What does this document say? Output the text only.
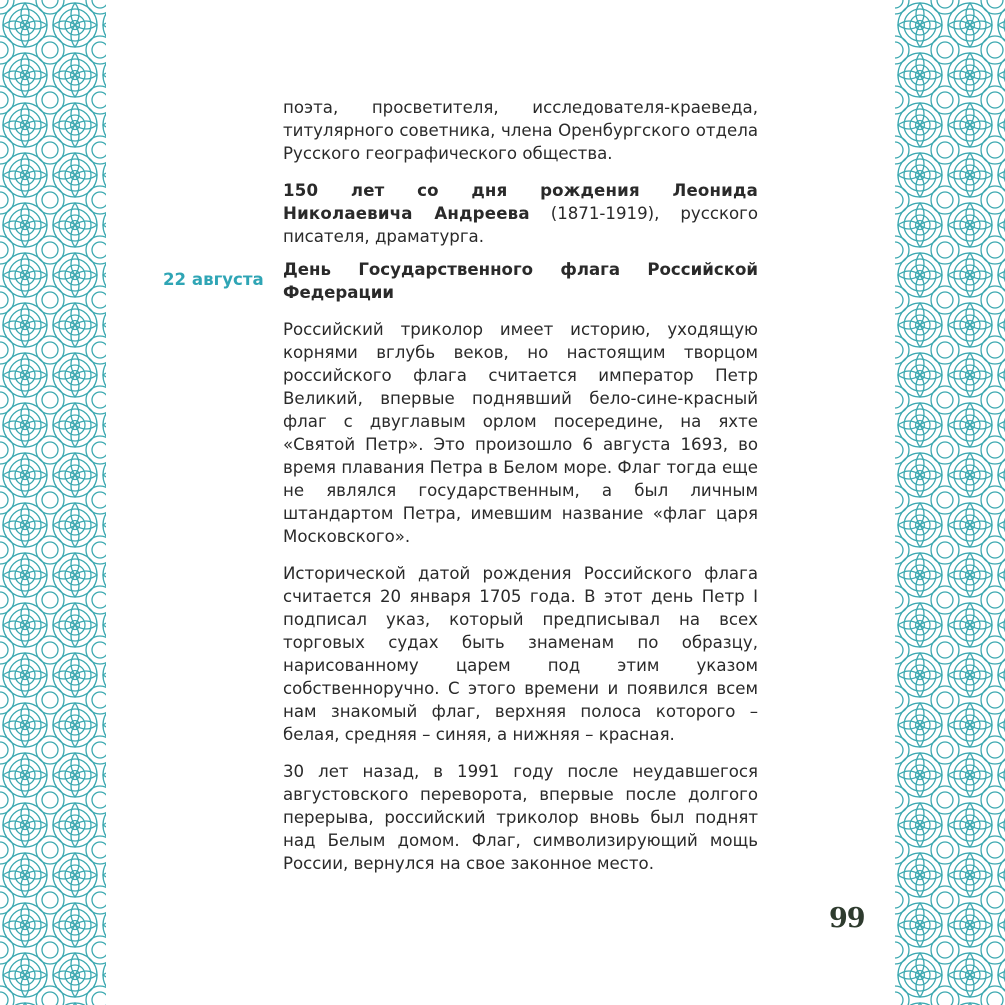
22 августа

поэта, просветителя, исследователя-краеведа, титулярного советника, члена Оренбургского отдела Русского географического общества.

150 лет со дня рождения Леонида Николаевича Андреева (1871-1919), русского писателя, драматурга.

День Государственного флага Российской Федерации

Российский триколор имеет историю, уходящую корнями вглубь веков, но настоящим творцом российского флага считается император Петр Великий, впервые поднявший бело-сине-красный флаг с двуглавым орлом посередине, на яхте «Святой Петр». Это произошло 6 августа 1693, во время плавания Петра в Белом море. Флаг тогда еще не являлся государственным, а был личным штандартом Петра, имевшим название «флаг царя Московского».

Исторической датой рождения Российского флага считается 20 января 1705 года. В этот день Петр I подписал указ, который предписывал на всех торговых судах быть знаменам по образцу, нарисованному царем под этим указом собственноручно. С этого времени и появился всем нам знакомый флаг, верхняя полоса которого – белая, средняя – синяя, а нижняя – красная.

30 лет назад, в 1991 году после неудавшегося августовского переворота, впервые после долгого перерыва, российский триколор вновь был поднят над Белым домом. Флаг, символизирующий мощь России, вернулся на свое законное место.

99
